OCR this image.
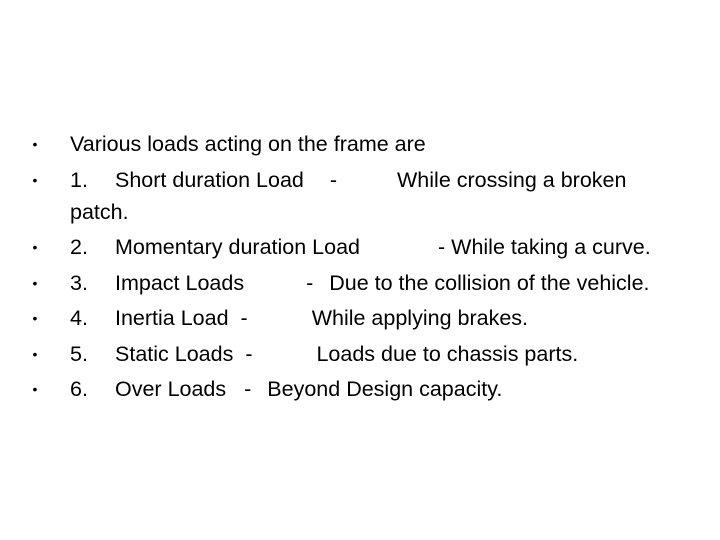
• Various loads acting on the frame are
• 1. Short duration Load -	While crossing a broken patch.
• 2. Momentary duration Load	- While taking a curve.
• 3. Impact Loads	- Due to the collision of the vehicle.
• 4. Inertia Load -	While applying brakes.
• 5. Static Loads -	Loads due to chassis parts.
• 6. Over Loads - Beyond Design capacity.
